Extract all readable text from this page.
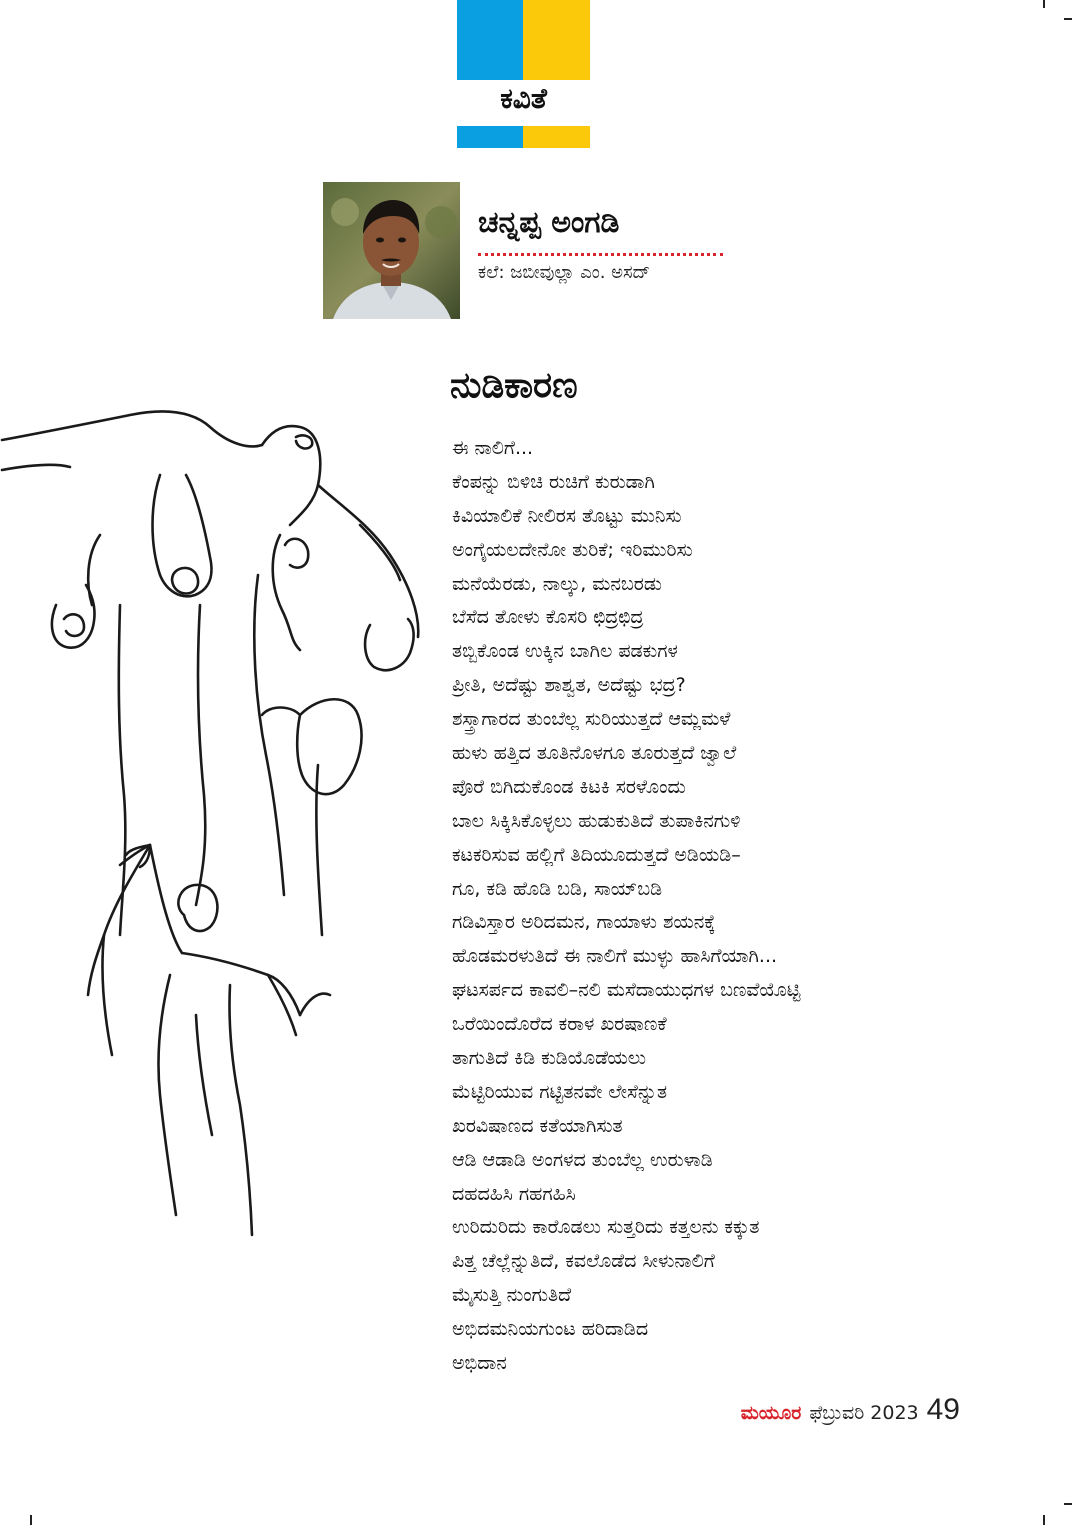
ಕವಿತೆ
ಚನ್ನಪ್ಪ ಅಂಗಡಿ
ಕಲೆ: ಜಬೀವುಲ್ಲಾ ಎಂ. ಅಸದ್
ನುಡಿಕಾರಣ
ಈ ನಾಲಿಗೆ...
ಕೆಂಪನ್ನು ಬಿಳಿಚಿ ರುಚಿಗೆ ಕುರುಡಾಗಿ
ಕಿವಿಯಾಲಿಕೆ ನೀಲಿರಸ ತೊಟ್ಟು ಮುನಿಸು
ಅಂಗೈಯಲದೇನೋ ತುರಿಕೆ; ಇರಿಮುರಿಸು
ಮನೆಯೆರಡು, ನಾಲ್ಕು, ಮನಬರಡು
ಬೆಸೆದ ತೋಳು ಕೊಸರಿ ಛಿದ್ರಛಿದ್ರ
ತಬ್ಬಿಕೊಂಡ ಉಕ್ಕಿನ ಬಾಗಿಲ ಪಡಕುಗಳ
ಪ್ರೀತಿ, ಅದೆಷ್ಟು ಶಾಶ್ವತ, ಅದೆಷ್ಟು ಭದ್ರ?
ಶಸ್ತ್ರಾಗಾರದ ತುಂಬೆಲ್ಲ ಸುರಿಯುತ್ತದೆ ಆಮ್ಲಮಳೆ
ಹುಳು ಹತ್ತಿದ ತೂತಿನೊಳಗೂ ತೂರುತ್ತದೆ ಜ್ವಾಲೆ
ಪೊರೆ ಬಿಗಿದುಕೊಂಡ ಕಿಟಕಿ ಸರಳೊಂದು
ಬಾಲ ಸಿಕ್ಕಿಸಿಕೊಳ್ಳಲು ಹುಡುಕುತಿದೆ ತುಪಾಕಿನಗುಳಿ
ಕಟಕರಿಸುವ ಹಲ್ಲಿಗೆ ತಿದಿಯೂದುತ್ತದೆ ಅಡಿಯಡಿ–
ಗೂ, ಕಡಿ ಹೊಡಿ ಬಡಿ, ಸಾಯ್‌ಬಡಿ
ಗಡಿವಿಸ್ತಾರ ಅರಿದಮನ, ಗಾಯಾಳು ಶಯನಕ್ಕೆ
ಹೊಡಮರಳುತಿದೆ ಈ ನಾಲಿಗೆ ಮುಳ್ಳು ಹಾಸಿಗೆಯಾಗಿ...
ಘಟಸರ್ಪದ ಕಾವಲಿ–ನಲಿ ಮಸೆದಾಯುಧಗಳ ಬಣವೆಯೊಟ್ಟಿ
ಒರೆಯಿಂದೊರೆದ ಕರಾಳ ಖರಷಾಣಕೆ
ತಾಗುತಿದೆ ಕಿಡಿ ಕುಡಿಯೊಡೆಯಲು
ಮೆಟ್ಟಿರಿಯುವ ಗಟ್ಟಿತನವೇ ಲೇಸೆನ್ನುತ
ಖರವಿಷಾಣದ ಕತೆಯಾಗಿಸುತ
ಆಡಿ ಆಡಾಡಿ ಅಂಗಳದ ತುಂಬೆಲ್ಲ ಉರುಳಾಡಿ
ದಹದಹಿಸಿ ಗಹಗಹಿಸಿ
ಉರಿದುರಿದು ಕಾರೊಡಲು ಸುತ್ತರಿದು ಕತ್ತಲನು ಕಕ್ಕುತ
ಪಿತ್ತ ಚೆಲ್ಲೆನ್ನುತಿದೆ, ಕವಲೊಡೆದ ಸೀಳುನಾಲಿಗೆ
ಮೈಸುತ್ತಿ ನುಂಗುತಿದೆ
ಅಭಿದಮನಿಯಗುಂಟ ಹರಿದಾಡಿದ
ಅಭಿದಾನ
ಮಯೂರ ಫೆಬ್ರುವರಿ 2023 49
